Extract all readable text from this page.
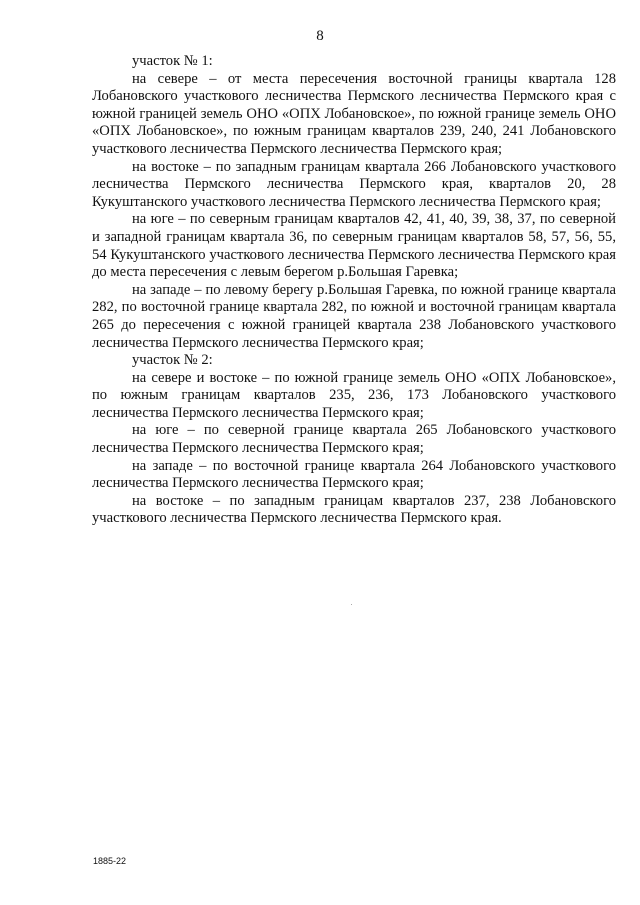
8

участок № 1:

на севере – от места пересечения восточной границы квартала 128 Лобановского участкового лесничества Пермского лесничества Пермского края с южной границей земель ОНО «ОПХ Лобановское», по южной границе земель ОНО «ОПХ Лобановское», по южным границам кварталов 239, 240, 241 Лобановского участкового лесничества Пермского лесничества Пермского края;

на востоке – по западным границам квартала 266 Лобановского участкового лесничества Пермского лесничества Пермского края, кварталов 20, 28 Кукуштанского участкового лесничества Пермского лесничества Пермского края;

на юге – по северным границам кварталов 42, 41, 40, 39, 38, 37, по северной и западной границам квартала 36, по северным границам кварталов 58, 57, 56, 55, 54 Кукуштанского участкового лесничества Пермского лесничества Пермского края до места пересечения с левым берегом р.Большая Гаревка;

на западе – по левому берегу р.Большая Гаревка, по южной границе квартала 282, по восточной границе квартала 282, по южной и восточной границам квартала 265 до пересечения с южной границей квартала 238 Лобановского участкового лесничества Пермского лесничества Пермского края;

участок № 2:

на севере и востоке – по южной границе земель ОНО «ОПХ Лобановское», по южным границам кварталов 235, 236, 173 Лобановского участкового лесничества Пермского лесничества Пермского края;

на юге – по северной границе квартала 265 Лобановского участкового лесничества Пермского лесничества Пермского края;

на западе – по восточной границе квартала 264 Лобановского участкового лесничества Пермского лесничества Пермского края;

на востоке – по западным границам кварталов 237, 238 Лобановского участкового лесничества Пермского лесничества Пермского края.

1885-22
